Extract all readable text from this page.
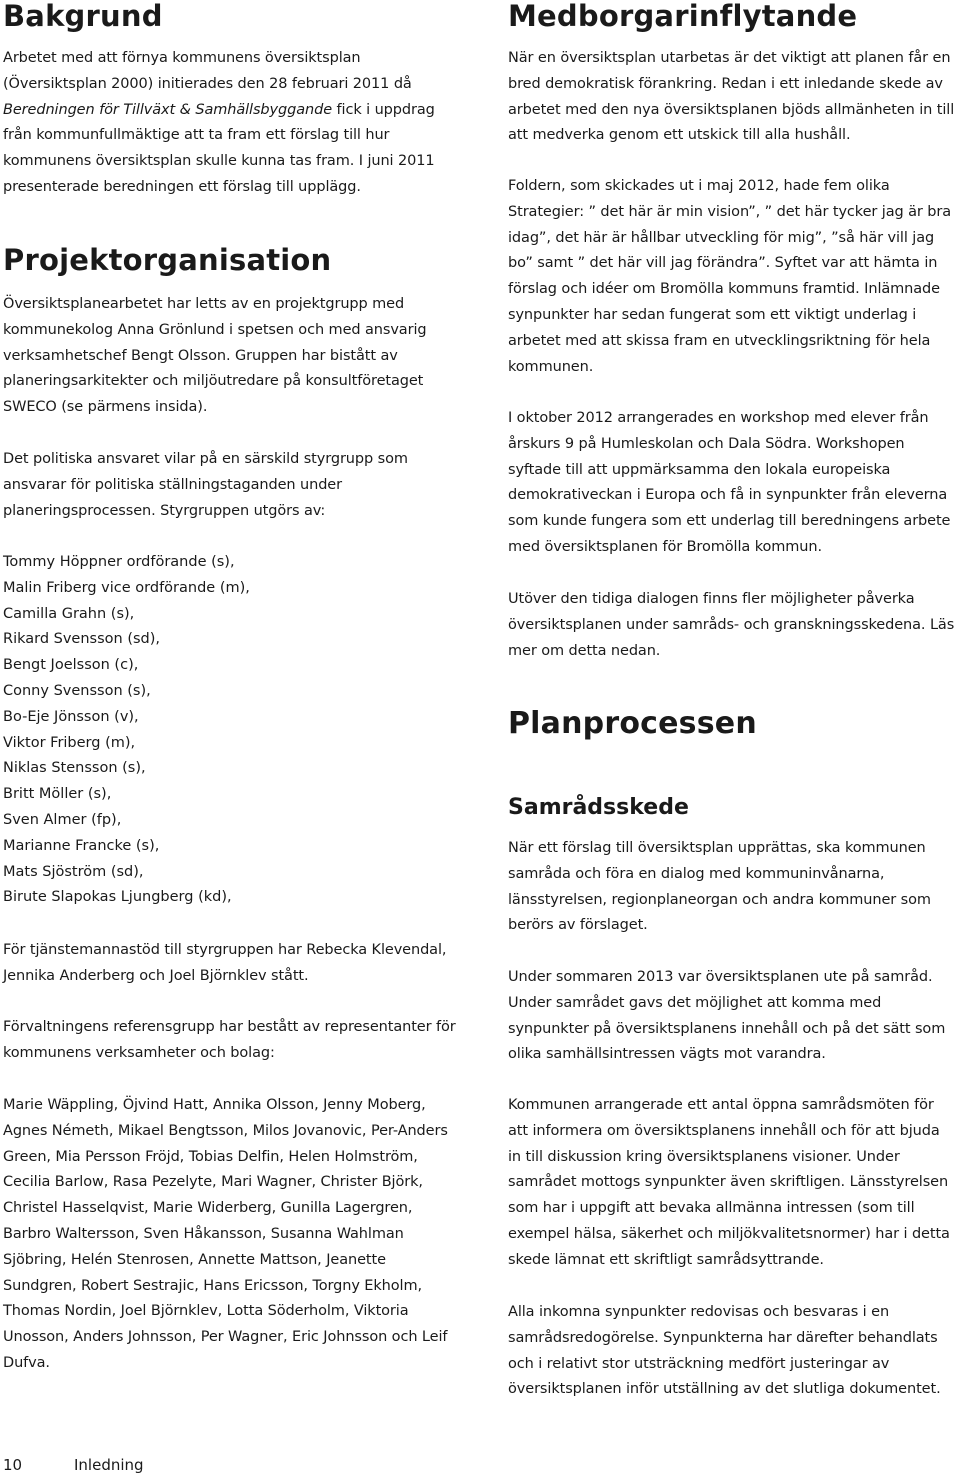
Bakgrund

Arbetet med att förnya kommunens översiktsplan (Översiktsplan 2000) initierades den 28 februari 2011 då Beredningen för Tillväxt & Samhällsbyggande fick i uppdrag från kommunfullmäktige att ta fram ett förslag till hur kommunens översiktsplan skulle kunna tas fram. I juni 2011 presenterade beredningen ett förslag till upplägg.

Projektorganisation

Översiktsplanearbetet har letts av en projektgrupp med kommunekolog Anna Grönlund i spetsen och med ansvarig verksamhetschef Bengt Olsson. Gruppen har bistått av planeringsarkitekter och miljöutredare på konsultföretaget SWECO (se pärmens insida).

Det politiska ansvaret vilar på en särskild styrgrupp som ansvarar för politiska ställningstaganden under planeringsprocessen. Styrgruppen utgörs av:

Tommy Höppner ordförande (s),
Malin Friberg vice ordförande (m),
Camilla Grahn (s),
Rikard Svensson (sd),
Bengt Joelsson (c),
Conny Svensson (s),
Bo-Eje Jönsson (v),
Viktor Friberg (m),
Niklas Stensson (s),
Britt Möller (s),
Sven Almer (fp),
Marianne Francke (s),
Mats Sjöström (sd),
Birute Slapokas Ljungberg (kd),

För tjänstemannastöd till styrgruppen har Rebecka Klevendal, Jennika Anderberg och Joel Björnklev stått.

Förvaltningens referensgrupp har bestått av representanter för kommunens verksamheter och bolag:

Marie Wäppling, Öjvind Hatt, Annika Olsson, Jenny Moberg, Agnes Németh, Mikael Bengtsson, Milos Jovanovic, Per-Anders Green, Mia Persson Fröjd, Tobias Delfin, Helen Holmström, Cecilia Barlow, Rasa Pezelyte, Mari Wagner, Christer Björk, Christel Hasselqvist, Marie Widerberg, Gunilla Lagergren, Barbro Waltersson, Sven Håkansson, Susanna Wahlman Sjöbring, Helén Stenrosen, Annette Mattson, Jeanette Sundgren, Robert Sestrajic, Hans Ericsson, Torgny Ekholm, Thomas Nordin, Joel Björnklev, Lotta Söderholm, Viktoria Unosson, Anders Johnsson, Per Wagner, Eric Johnsson och Leif Dufva.

Medborgarinflytande

När en översiktsplan utarbetas är det viktigt att planen får en bred demokratisk förankring. Redan i ett inledande skede av arbetet med den nya översiktsplanen bjöds allmänheten in till att medverka genom ett utskick till alla hushåll.

Foldern, som skickades ut i maj 2012, hade fem olika Strategier: ” det här är min vision”, ” det här tycker jag är bra idag”, det här är hållbar utveckling för mig”, ”så här vill jag bo” samt ” det här vill jag förändra”. Syftet var att hämta in förslag och idéer om Bromölla kommuns framtid. Inlämnade synpunkter har sedan fungerat som ett viktigt underlag i arbetet med att skissa fram en utvecklingsriktning för hela kommunen.

I oktober 2012 arrangerades en workshop med elever från årskurs 9 på Humleskolan och Dala Södra. Workshopen syftade till att uppmärksamma den lokala europeiska demokrativeckan i Europa och få in synpunkter från eleverna som kunde fungera som ett underlag till beredningens arbete med översiktsplanen för Bromölla kommun.

Utöver den tidiga dialogen finns fler möjligheter påverka översiktsplanen under samråds- och granskningsskedena. Läs mer om detta nedan.

Planprocessen
Samrådsskede

När ett förslag till översiktsplan upprättas, ska kommunen samråda och föra en dialog med kommuninvånarna, länsstyrelsen, regionplaneorgan och andra kommuner som berörs av förslaget.

Under sommaren 2013 var översiktsplanen ute på samråd. Under samrådet gavs det möjlighet att komma med synpunkter på översiktsplanens innehåll och på det sätt som olika samhällsintressen vägts mot varandra.

Kommunen arrangerade ett antal öppna samrådsmöten för att informera om översiktsplanens innehåll och för att bjuda in till diskussion kring översiktsplanens visioner. Under samrådet mottogs synpunkter även skriftligen. Länsstyrelsen som har i uppgift att bevaka allmänna intressen (som till exempel hälsa, säkerhet och miljökvalitetsnormer) har i detta skede lämnat ett skriftligt samrådsyttrande.

Alla inkomna synpunkter redovisas och besvaras i en samrådsredogörelse. Synpunkterna har därefter behandlats och i relativt stor utsträckning medfört justeringar av översiktsplanen inför utställning av det slutliga dokumentet.

10	Inledning
